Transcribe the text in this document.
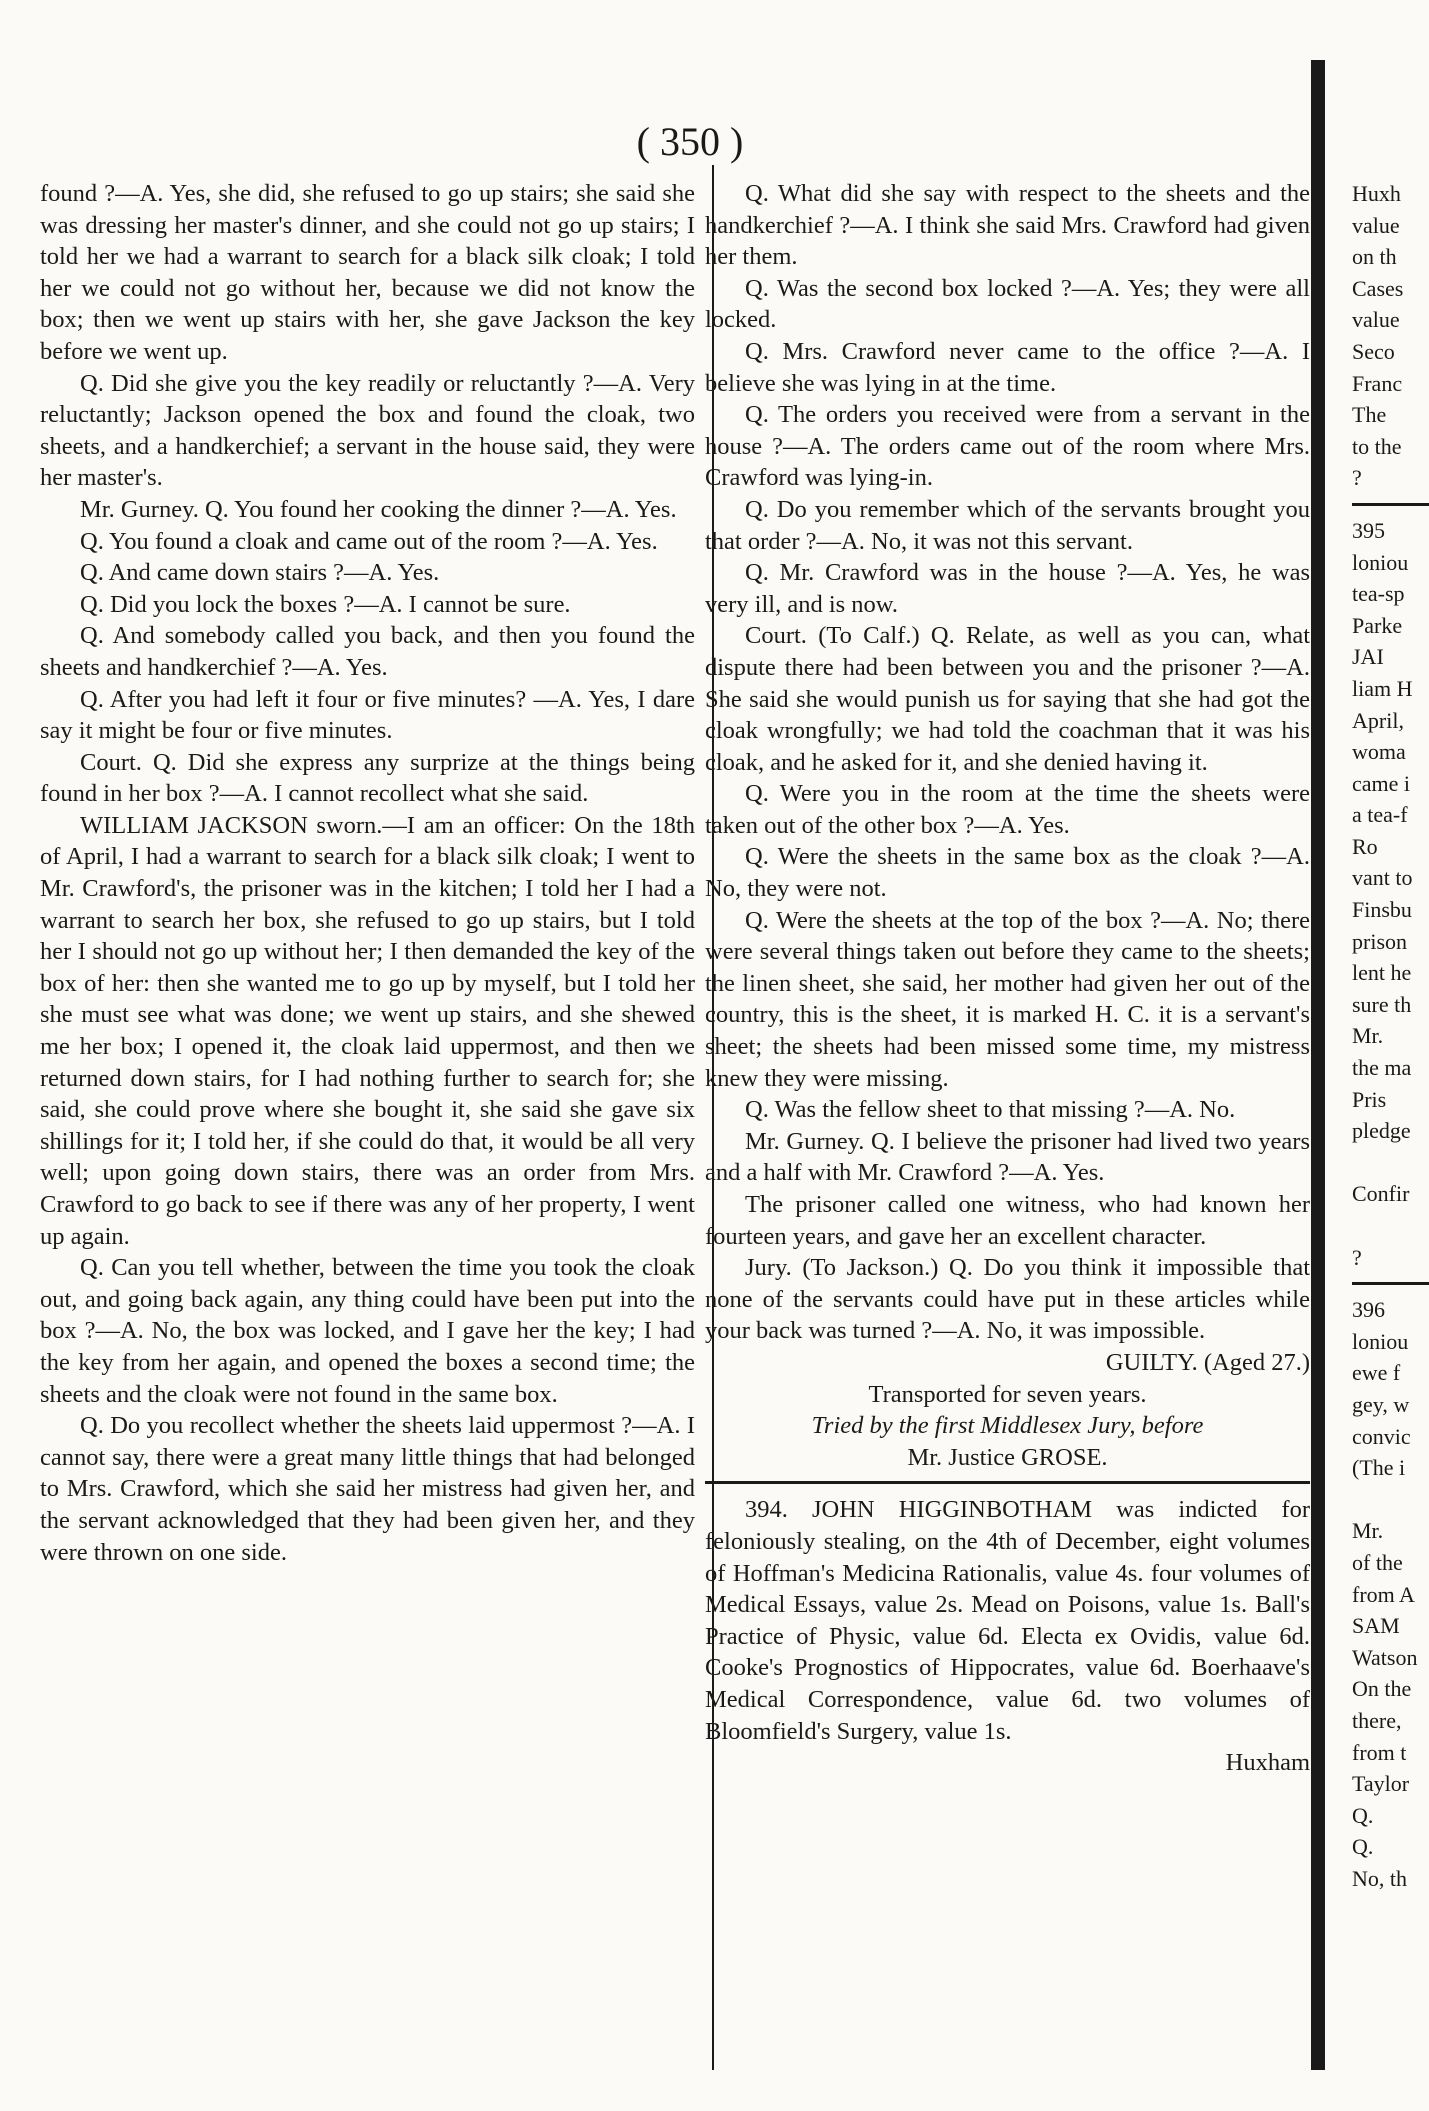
( 350 )

found ?—A. Yes, she did, she refused to go up stairs; she said she was dressing her master's dinner, and she could not go up stairs; I told her we had a warrant to search for a black silk cloak; I told her we could not go without her, because we did not know the box; then we went up stairs with her, she gave Jackson the key before we went up.

Q. Did she give you the key readily or reluctantly ?—A. Very reluctantly; Jackson opened the box and found the cloak, two sheets, and a handkerchief; a servant in the house said, they were her master's.

Mr. Gurney. Q. You found her cooking the dinner ?—A. Yes.

Q. You found a cloak and came out of the room ?—A. Yes.

Q. And came down stairs ?—A. Yes.

Q. Did you lock the boxes ?—A. I cannot be sure.

Q. And somebody called you back, and then you found the sheets and handkerchief ?—A. Yes.

Q. After you had left it four or five minutes? —A. Yes, I dare say it might be four or five minutes.

Court. Q. Did she express any surprize at the things being found in her box ?—A. I cannot recollect what she said.

WILLIAM JACKSON sworn.—I am an officer: On the 18th of April, I had a warrant to search for a black silk cloak; I went to Mr. Crawford's, the prisoner was in the kitchen; I told her I had a warrant to search her box, she refused to go up stairs, but I told her I should not go up without her; I then demanded the key of the box of her: then she wanted me to go up by myself, but I told her she must see what was done; we went up stairs, and she shewed me her box; I opened it, the cloak laid uppermost, and then we returned down stairs, for I had nothing further to search for; she said, she could prove where she bought it, she said she gave six shillings for it; I told her, if she could do that, it would be all very well; upon going down stairs, there was an order from Mrs. Crawford to go back to see if there was any of her property, I went up again.

Q. Can you tell whether, between the time you took the cloak out, and going back again, any thing could have been put into the box ?—A. No, the box was locked, and I gave her the key; I had the key from her again, and opened the boxes a second time; the sheets and the cloak were not found in the same box.

Q. Do you recollect whether the sheets laid uppermost ?—A. I cannot say, there were a great many little things that had belonged to Mrs. Crawford, which she said her mistress had given her, and the servant acknowledged that they had been given her, and they were thrown on one side.

Q. What did she say with respect to the sheets and the handkerchief ?—A. I think she said Mrs. Crawford had given her them.

Q. Was the second box locked ?—A. Yes; they were all locked.

Q. Mrs. Crawford never came to the office ?—A. I believe she was lying in at the time.

Q. The orders you received were from a servant in the house ?—A. The orders came out of the room where Mrs. Crawford was lying-in.

Q. Do you remember which of the servants brought you that order ?—A. No, it was not this servant.

Q. Mr. Crawford was in the house ?—A. Yes, he was very ill, and is now.

Court. (To Calf.) Q. Relate, as well as you can, what dispute there had been between you and the prisoner ?—A. She said she would punish us for saying that she had got the cloak wrongfully; we had told the coachman that it was his cloak, and he asked for it, and she denied having it.

Q. Were you in the room at the time the sheets were taken out of the other box ?—A. Yes.

Q. Were the sheets in the same box as the cloak ?—A. No, they were not.

Q. Were the sheets at the top of the box ?—A. No; there were several things taken out before they came to the sheets; the linen sheet, she said, her mother had given her out of the country, this is the sheet, it is marked H. C. it is a servant's sheet; the sheets had been missed some time, my mistress knew they were missing.

Q. Was the fellow sheet to that missing ?—A. No.

Mr. Gurney. Q. I believe the prisoner had lived two years and a half with Mr. Crawford ?—A. Yes.

The prisoner called one witness, who had known her fourteen years, and gave her an excellent character.

Jury. (To Jackson.) Q. Do you think it impossible that none of the servants could have put in these articles while your back was turned ?—A. No, it was impossible.

GUILTY. (Aged 27.)

Transported for seven years.

Tried by the first Middlesex Jury, before

Mr. Justice GROSE.

394. JOHN HIGGINBOTHAM was indicted for feloniously stealing, on the 4th of December, eight volumes of Hoffman's Medicina Rationalis, value 4s. four volumes of Medical Essays, value 2s. Mead on Poisons, value 1s. Ball's Practice of Physic, value 6d. Electa ex Ovidis, value 6d. Cooke's Prognostics of Hippocrates, value 6d. Boerhaave's Medical Correspondence, value 6d. two volumes of Bloomfield's Surgery, value 1s.

Huxham

Huxh

value

on th

Cases

value

Seco

Franc

The

to the

?

395

loniou

tea-sp

Parke

JAI

liam H

April,

woma

came i

a tea-f

Ro

vant to

Finsbu

prison

lent he

sure th

Mr.

the ma

Pris

pledge

Confir

?

396

loniou

ewe f

gey, w

convic

(The i

Mr.

of the

from A

SAM

Watson

On the

there,

from t

Taylor

Q.

Q.

No, th
